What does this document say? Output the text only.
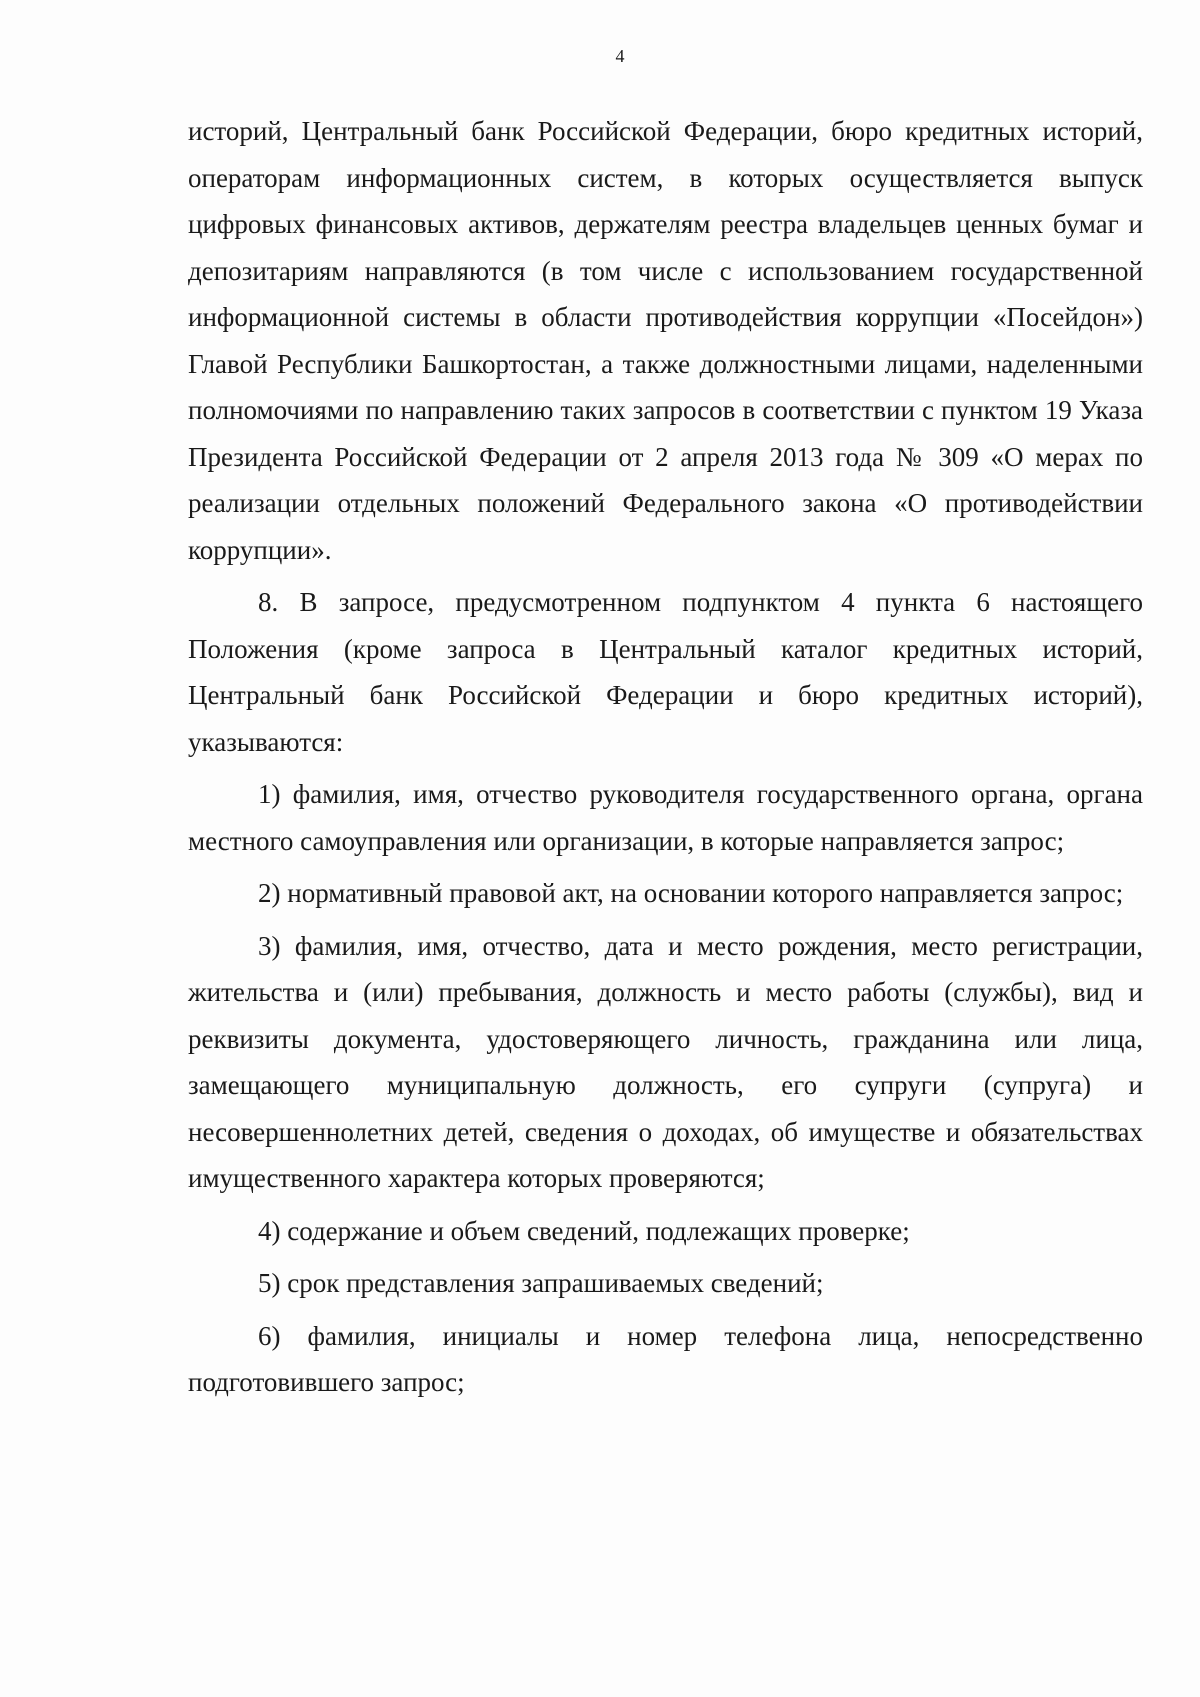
4

историй, Центральный банк Российской Федерации, бюро кредитных историй, операторам информационных систем, в которых осуществляется выпуск цифровых финансовых активов, держателям реестра владельцев ценных бумаг и депозитариям направляются (в том числе с использованием государственной информационной системы в области противодействия коррупции «Посейдон») Главой Республики Башкортостан, а также должностными лицами, наделенными полномочиями по направлению таких запросов в соответствии с пунктом 19 Указа Президента Российской Федерации от 2 апреля 2013 года № 309 «О мерах по реализации отдельных положений Федерального закона «О противодействии коррупции».

8. В запросе, предусмотренном подпунктом 4 пункта 6 настоящего Положения (кроме запроса в Центральный каталог кредитных историй, Центральный банк Российской Федерации и бюро кредитных историй), указываются:

1) фамилия, имя, отчество руководителя государственного органа, органа местного самоуправления или организации, в которые направляется запрос;

2) нормативный правовой акт, на основании которого направляется запрос;

3) фамилия, имя, отчество, дата и место рождения, место регистрации, жительства и (или) пребывания, должность и место работы (службы), вид и реквизиты документа, удостоверяющего личность, гражданина или лица, замещающего муниципальную должность, его супруги (супруга) и несовершеннолетних детей, сведения о доходах, об имуществе и обязательствах имущественного характера которых проверяются;

4) содержание и объем сведений, подлежащих проверке;

5) срок представления запрашиваемых сведений;

6) фамилия, инициалы и номер телефона лица, непосредственно подготовившего запрос;
